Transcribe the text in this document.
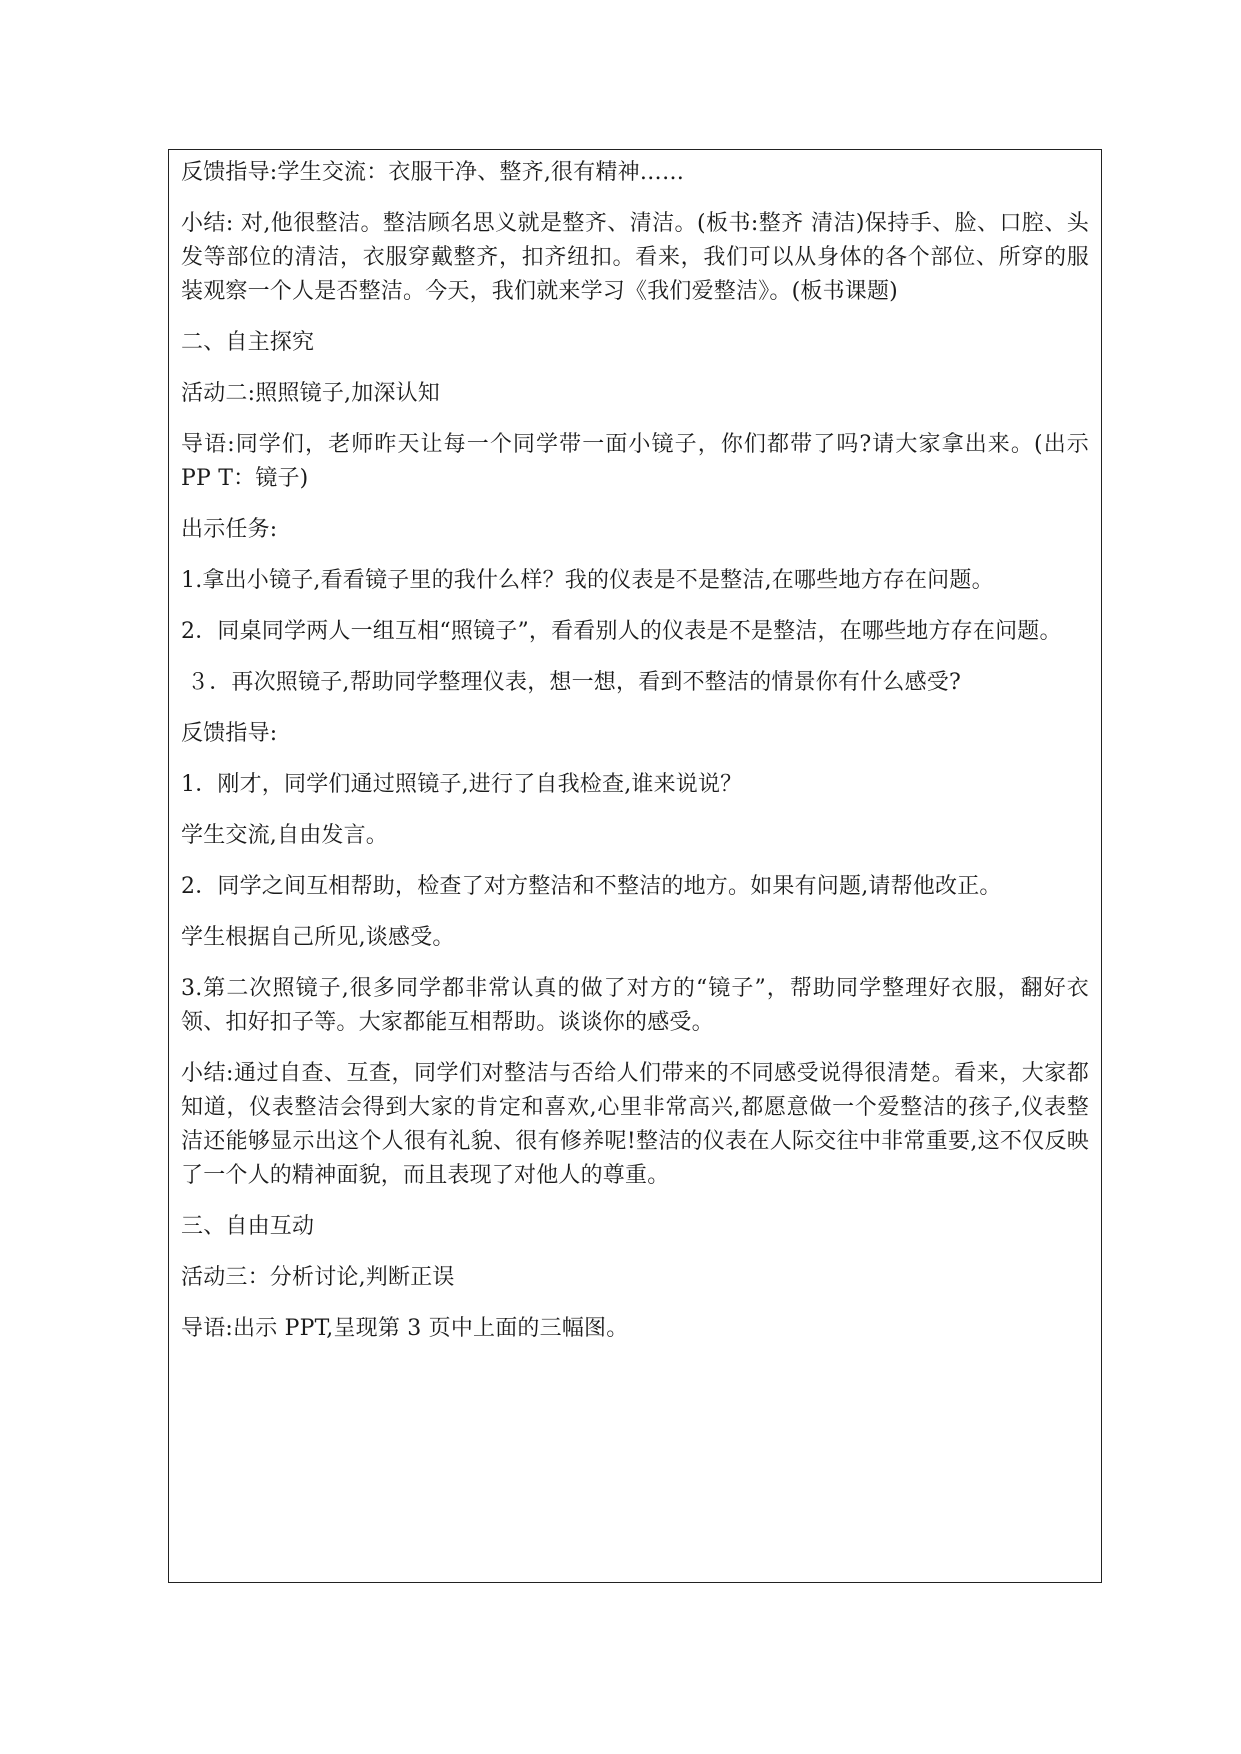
反馈指导:学生交流：衣服干净、整齐,很有精神……

小结: 对,他很整洁。整洁顾名思义就是整齐、清洁。(板书:整齐 清洁)保持手、脸、口腔、头发等部位的清洁，衣服穿戴整齐，扣齐纽扣。看来，我们可以从身体的各个部位、所穿的服装观察一个人是否整洁。今天，我们就来学习《我们爱整洁》。(板书课题)

二、自主探究

活动二:照照镜子,加深认知

导语:同学们，老师昨天让每一个同学带一面小镜子，你们都带了吗?请大家拿出来。(出示 PP T：镜子)

出示任务:

1.拿出小镜子,看看镜子里的我什么样？我的仪表是不是整洁,在哪些地方存在问题。

2．同桌同学两人一组互相“照镜子”，看看别人的仪表是不是整洁，在哪些地方存在问题。

３．再次照镜子,帮助同学整理仪表，想一想，看到不整洁的情景你有什么感受?

反馈指导:

1．刚才，同学们通过照镜子,进行了自我检查,谁来说说？

学生交流,自由发言。

2．同学之间互相帮助，检查了对方整洁和不整洁的地方。如果有问题,请帮他改正。

学生根据自己所见,谈感受。

3.第二次照镜子,很多同学都非常认真的做了对方的“镜子”，帮助同学整理好衣服，翻好衣领、扣好扣子等。大家都能互相帮助。谈谈你的感受。

小结:通过自查、互查，同学们对整洁与否给人们带来的不同感受说得很清楚。看来，大家都知道，仪表整洁会得到大家的肯定和喜欢,心里非常高兴,都愿意做一个爱整洁的孩子,仪表整洁还能够显示出这个人很有礼貌、很有修养呢!整洁的仪表在人际交往中非常重要,这不仅反映了一个人的精神面貌，而且表现了对他人的尊重。

三、自由互动

活动三：分析讨论,判断正误

导语:出示 PPT,呈现第 3 页中上面的三幅图。
